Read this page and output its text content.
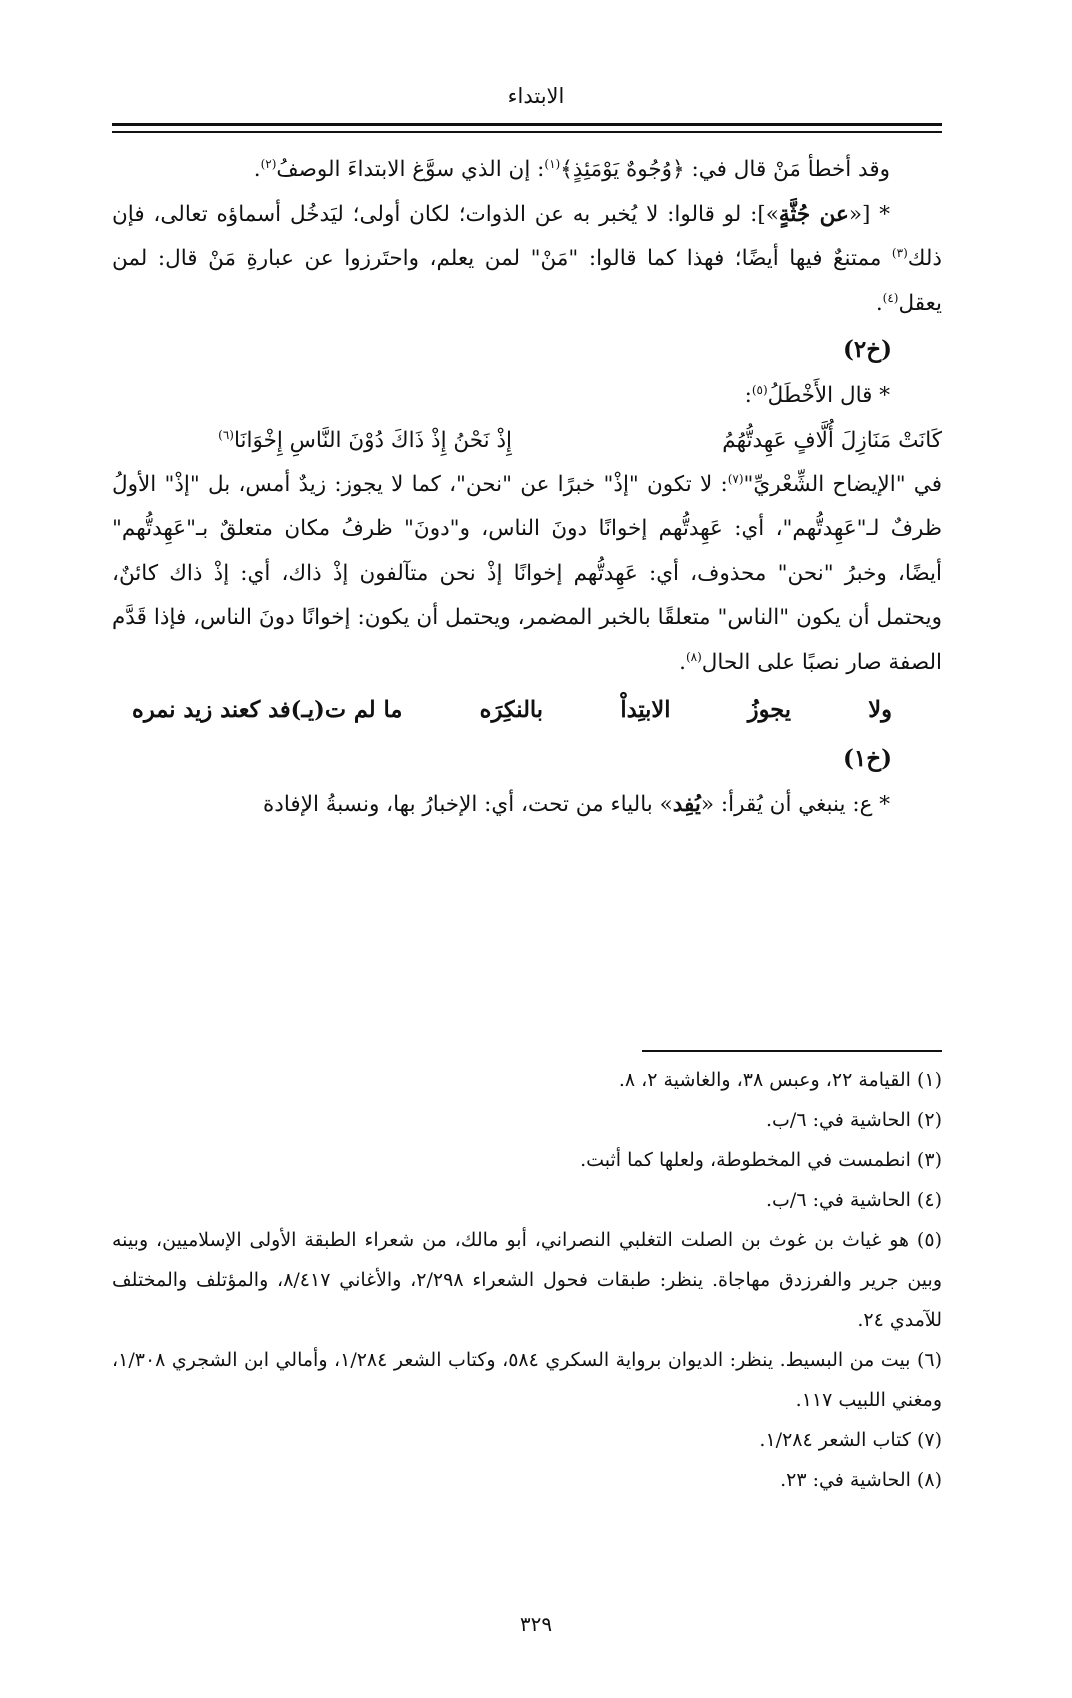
الابتداء

وقد أخطأ مَنْ قال في: ﴿وُجُوهٌ يَوْمَئِذٍ﴾$^{(١)}$: إن الذي سوَّغ الابتداءَ الوصفُ$^{(٢)}$.

* [«عن جُثَّةٍ»]: لو قالوا: لا يُخبر به عن الذوات؛ لكان أولى؛ ليَدخُل أسماؤه تعالى، فإن ذلك$^{(٣)}$ ممتنعٌ فيها أيضًا؛ فهذا كما قالوا: "مَنْ" لمن يعلم، واحتَرزوا عن عبارةِ مَنْ قال: لمن يعقل$^{(٤)}$.

(خ٢)

* قال الأَخْطَلُ$^{(٥)}$:

كَانَتْ مَنَازِلَ أُلَّافٍ عَهِدتُّهُمُ
إِذْ نَحْنُ إِذْ ذَاكَ دُوْنَ النَّاسِ إِخْوَانَا$^{(٦)}$

في "الإيضاح الشِّعْريِّ"$^{(٧)}$: لا تكون "إذْ" خبرًا عن "نحن"، كما لا يجوز: زيدٌ أمس، بل "إذْ" الأولُ ظرفٌ لـ"عَهِدتُّهم"، أي: عَهِدتُّهم إخوانًا دونَ الناس، و"دونَ" ظرفُ مكان متعلقٌ بـ"عَهِدتُّهم" أيضًا، وخبرُ "نحن" محذوف، أي: عَهِدتُّهم إخوانًا إذْ نحن متآلفون إذْ ذاك، أي: إذْ ذاك كائنٌ، ويحتمل أن يكون "الناس" متعلقًا بالخبر المضمر، ويحتمل أن يكون: إخوانًا دونَ الناس، فإذا قَدَّم الصفة صار نصبًا على الحال$^{(٨)}$.

ولا
يجوزُ
الابتِداْ
بالنكِرَه
ما لم ت(يـ)فد كعند زيد نمره

(خ١)

* ع: ينبغي أن يُقرأ: «يُفِد» بالياء من تحت، أي: الإخبارُ بها، ونسبةُ الإفادة

(١) القيامة ٢٢، وعبس ٣٨، والغاشية ٢، ٨.

(٢) الحاشية في: ٦/ب.

(٣) انطمست في المخطوطة، ولعلها كما أثبت.

(٤) الحاشية في: ٦/ب.

(٥) هو غياث بن غوث بن الصلت التغلبي النصراني، أبو مالك، من شعراء الطبقة الأولى الإسلاميين، وبينه وبين جرير والفرزدق مهاجاة. ينظر: طبقات فحول الشعراء ٢/٢٩٨، والأغاني ٨/٤١٧، والمؤتلف والمختلف للآمدي ٢٤.

(٦) بيت من البسيط. ينظر: الديوان برواية السكري ٥٨٤، وكتاب الشعر ١/٢٨٤، وأمالي ابن الشجري ١/٣٠٨، ومغني اللبيب ١١٧.

(٧) كتاب الشعر ١/٢٨٤.

(٨) الحاشية في: ٢٣.

٣٢٩
